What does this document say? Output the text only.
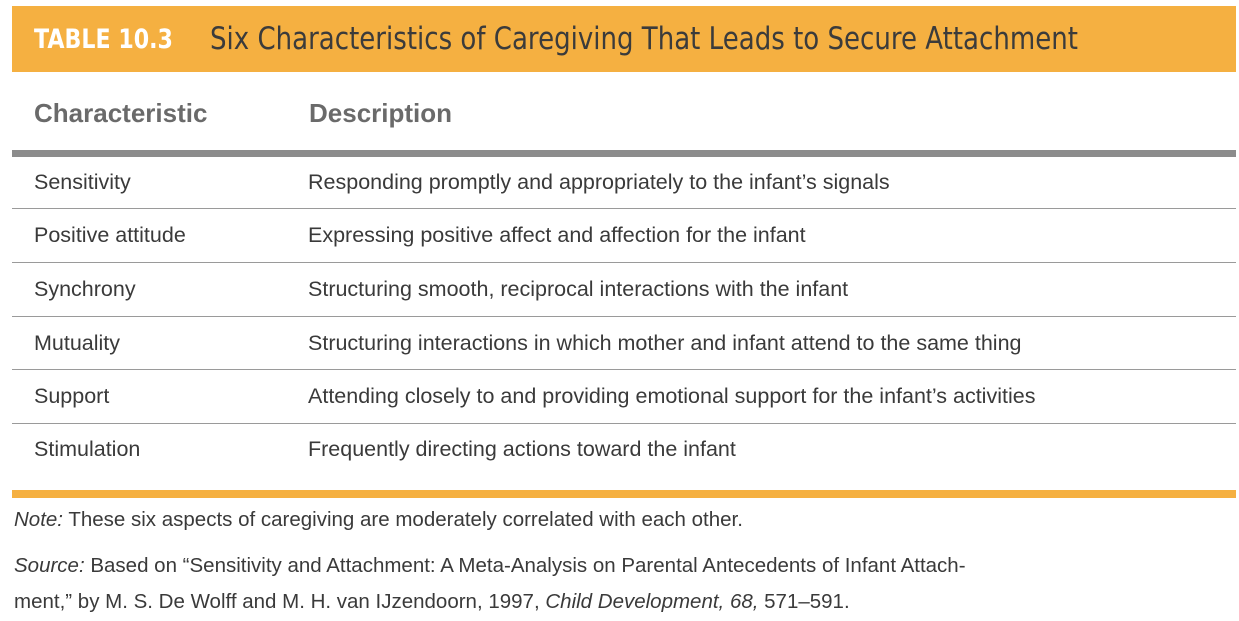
TABLE 10.3 Six Characteristics of Caregiving That Leads to Secure Attachment
Characteristic	Description
Sensitivity	Responding promptly and appropriately to the infant’s signals
Positive attitude	Expressing positive affect and affection for the infant
Synchrony	Structuring smooth, reciprocal interactions with the infant
Mutuality	Structuring interactions in which mother and infant attend to the same thing
Support	Attending closely to and providing emotional support for the infant’s activities
Stimulation	Frequently directing actions toward the infant
Note: These six aspects of caregiving are moderately correlated with each other.
Source: Based on “Sensitivity and Attachment: A Meta-Analysis on Parental Antecedents of Infant Attach-
ment,” by M. S. De Wolff and M. H. van IJzendoorn, 1997, Child Development, 68, 571–591.
